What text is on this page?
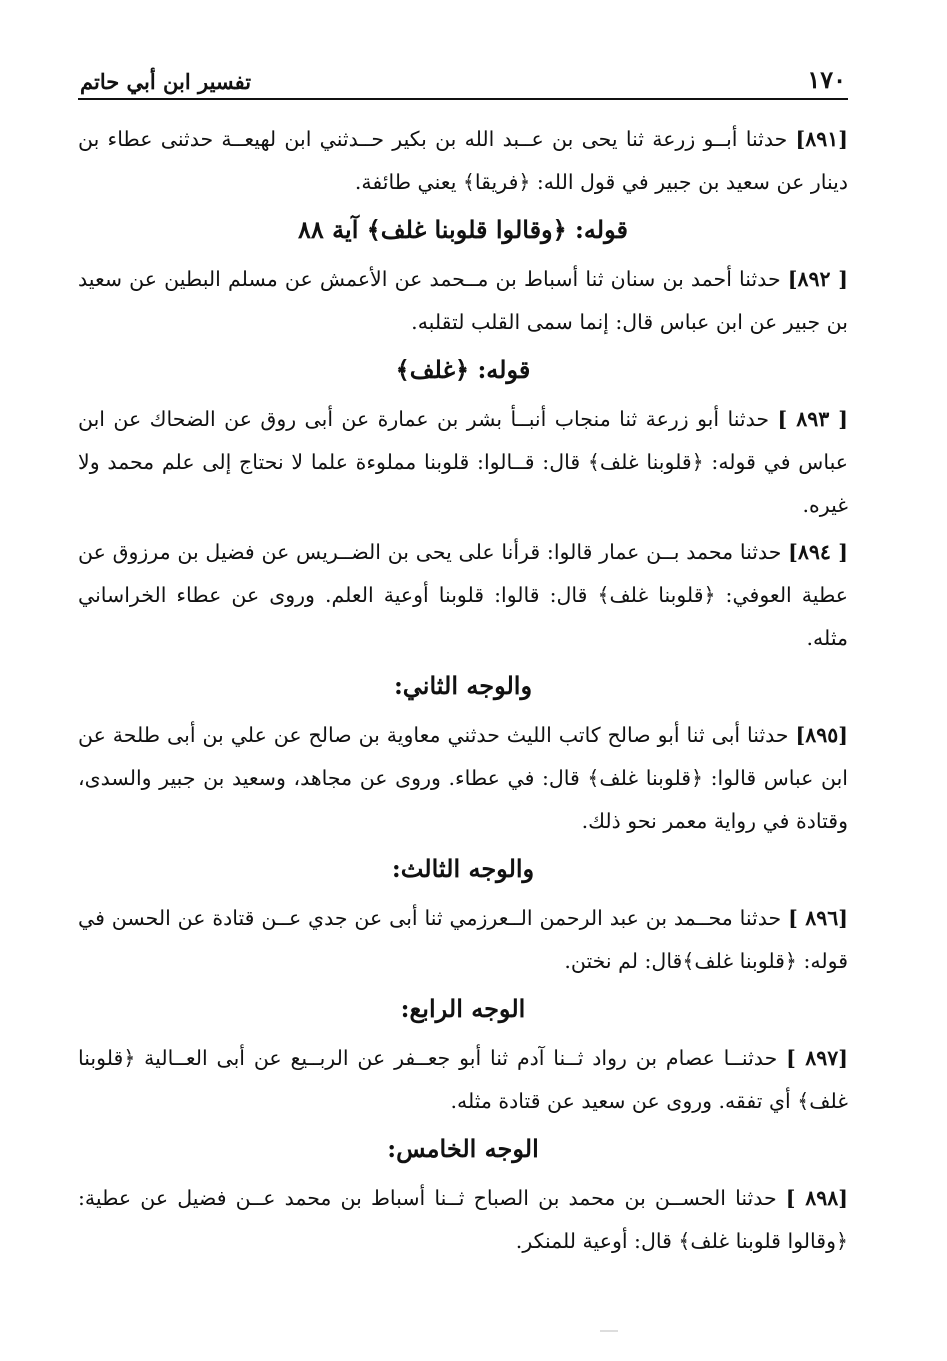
١٧٠
تفسير ابن أبي حاتم

[٨٩١] حدثنا أبــو زرعة ثنا يحى بن عــبد الله بن بكير حــدثني ابن لهيعــة حدثنى عطاء بن دينار عن سعيد بن جبير في قول الله: ﴿فريقا﴾ يعني طائفة.

قوله: ﴿وقالوا قلوبنا غلف﴾ آية ٨٨

[ ٨٩٢] حدثنا أحمد بن سنان ثنا أسباط بن مــحمد عن الأعمش عن مسلم البطين عن سعيد بن جبير عن ابن عباس قال: إنما سمى القلب لتقلبه.

قوله: ﴿غلف﴾

[ ٨٩٣ ] حدثنا أبو زرعة ثنا منجاب أنبــأ بشر بن عمارة عن أبى روق عن الضحاك عن ابن عباس في قوله: ﴿قلوبنا غلف﴾ قال: قــالوا: قلوبنا مملوءة علما لا نحتاج إلى علم محمد ولا غيره.

[ ٨٩٤] حدثنا محمد بــن عمار قالوا: قرأنا على يحى بن الضــريس عن فضيل بن مرزوق عن عطية العوفي: ﴿قلوبنا غلف﴾ قال: قالوا: قلوبنا أوعية العلم. وروى عن عطاء الخراساني مثله.

والوجه الثاني:

[٨٩٥] حدثنا أبى ثنا أبو صالح كاتب الليث حدثني معاوية بن صالح عن علي بن أبى طلحة عن ابن عباس قالوا: ﴿قلوبنا غلف﴾ قال: في عطاء. وروى عن مجاهد، وسعيد بن جبير والسدى، وقتادة في رواية معمر نحو ذلك.

والوجه الثالث:

[٨٩٦ ] حدثنا محــمد بن عبد الرحمن الــعرزمي ثنا أبى عن جدي عــن قتادة عن الحسن في قوله: ﴿قلوبنا غلف﴾قال: لم نختن.

الوجه الرابع:

[٨٩٧ ] حدثنــا عصام بن رواد ثــنا آدم ثنا أبو جعــفر عن الربــيع عن أبى العــالية ﴿قلوبنا غلف﴾ أي تفقه. وروى عن سعيد عن قتادة مثله.

الوجه الخامس:

[٨٩٨ ] حدثنا الحســن بن محمد بن الصباح ثــنا أسباط بن محمد عــن فضيل عن عطية: ﴿وقالوا قلوبنا غلف﴾ قال: أوعية للمنكر.
